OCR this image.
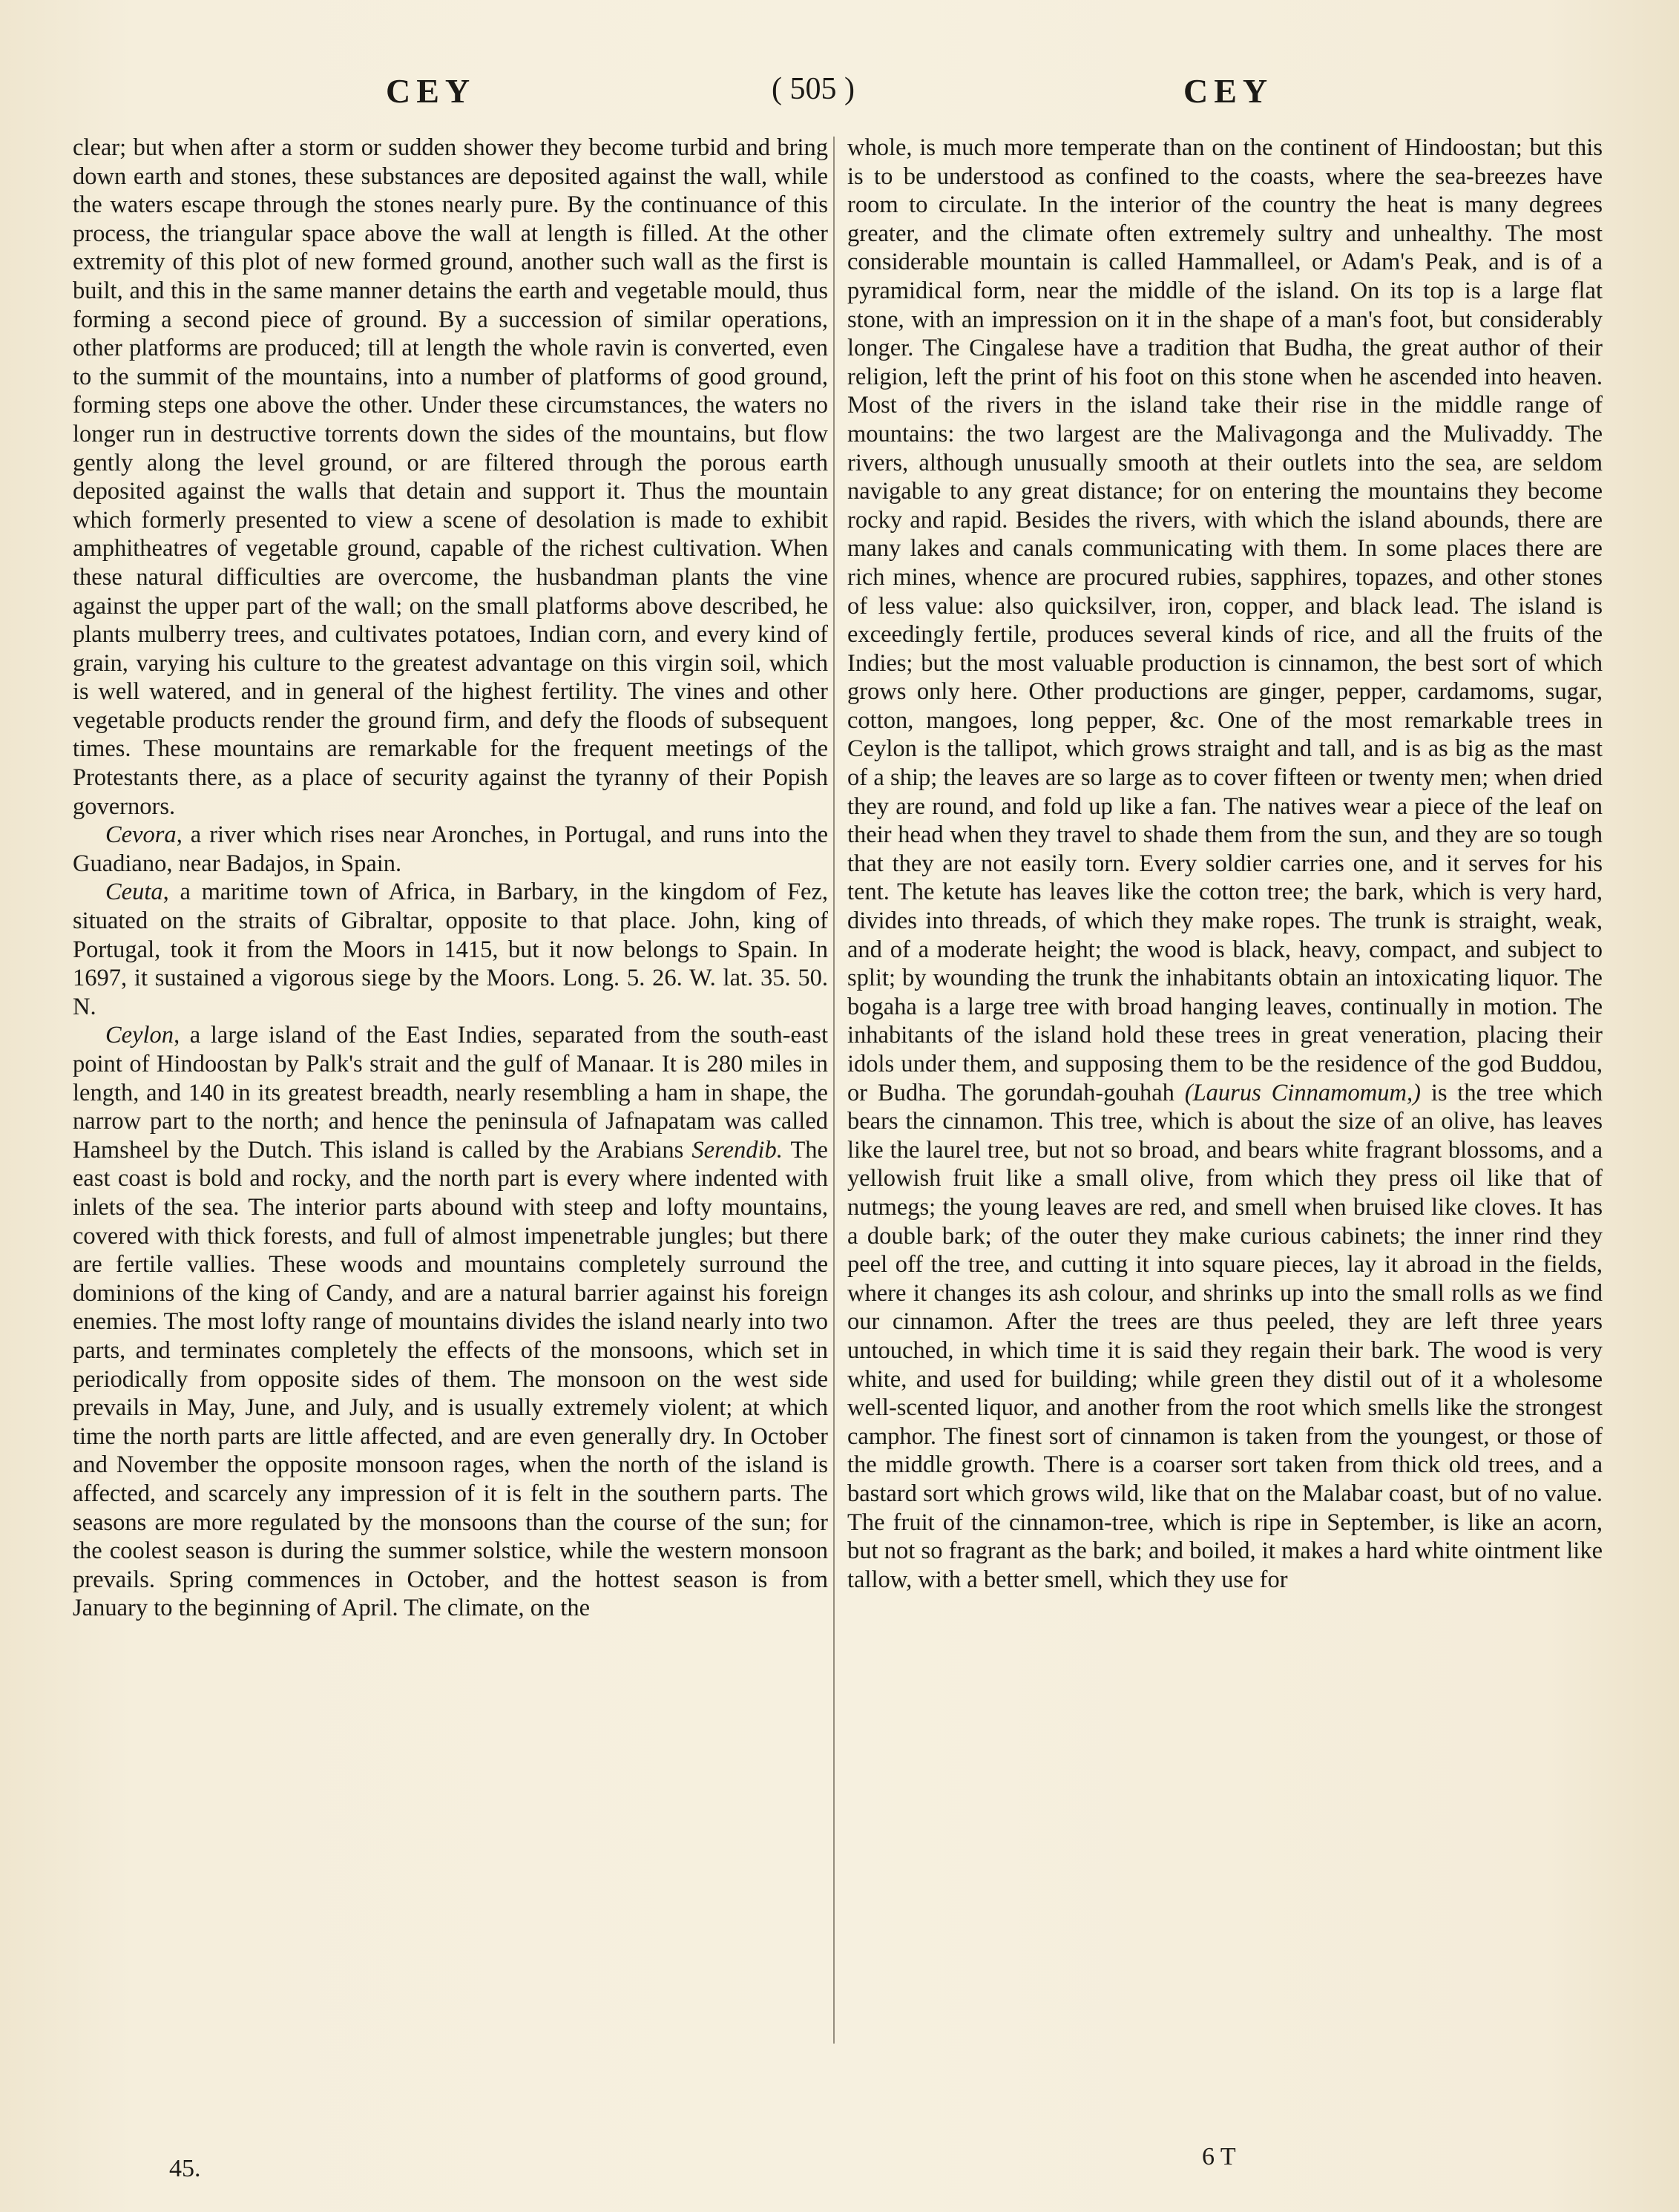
CEY	( 505 )	CEY

clear; but when after a storm or sudden shower they become turbid and bring down earth and stones, these substances are deposited against the wall, while the waters escape through the stones nearly pure. By the continuance of this process, the triangular space above the wall at length is filled. At the other extremity of this plot of new formed ground, another such wall as the first is built, and this in the same manner detains the earth and vegetable mould, thus forming a second piece of ground. By a succession of similar operations, other platforms are produced; till at length the whole ravin is converted, even to the summit of the mountains, into a number of platforms of good ground, forming steps one above the other. Under these circumstances, the waters no longer run in destructive torrents down the sides of the mountains, but flow gently along the level ground, or are filtered through the porous earth deposited against the walls that detain and support it. Thus the mountain which formerly presented to view a scene of desolation is made to exhibit amphitheatres of vegetable ground, capable of the richest cultivation. When these natural difficulties are overcome, the husbandman plants the vine against the upper part of the wall; on the small platforms above described, he plants mulberry trees, and cultivates potatoes, Indian corn, and every kind of grain, varying his culture to the greatest advantage on this virgin soil, which is well watered, and in general of the highest fertility. The vines and other vegetable products render the ground firm, and defy the floods of subsequent times. These mountains are remarkable for the frequent meetings of the Protestants there, as a place of security against the tyranny of their Popish governors.

Cevora, a river which rises near Aronches, in Portugal, and runs into the Guadiano, near Badajos, in Spain.

Ceuta, a maritime town of Africa, in Barbary, in the kingdom of Fez, situated on the straits of Gibraltar, opposite to that place. John, king of Portugal, took it from the Moors in 1415, but it now belongs to Spain. In 1697, it sustained a vigorous siege by the Moors. Long. 5. 26. W. lat. 35. 50. N.

Ceylon, a large island of the East Indies, separated from the south-east point of Hindoostan by Palk's strait and the gulf of Manaar. It is 280 miles in length, and 140 in its greatest breadth, nearly resembling a ham in shape, the narrow part to the north; and hence the peninsula of Jafnapatam was called Hamsheel by the Dutch. This island is called by the Arabians Serendib. The east coast is bold and rocky, and the north part is every where indented with inlets of the sea. The interior parts abound with steep and lofty mountains, covered with thick forests, and full of almost impenetrable jungles; but there are fertile vallies. These woods and mountains completely surround the dominions of the king of Candy, and are a natural barrier against his foreign enemies. The most lofty range of mountains divides the island nearly into two parts, and terminates completely the effects of the monsoons, which set in periodically from opposite sides of them. The monsoon on the west side prevails in May, June, and July, and is usually extremely violent; at which time the north parts are little affected, and are even generally dry. In October and November the opposite monsoon rages, when the north of the island is affected, and scarcely any impression of it is felt in the southern parts. The seasons are more regulated by the monsoons than the course of the sun; for the coolest season is during the summer solstice, while the western monsoon prevails. Spring commences in October, and the hottest season is from January to the beginning of April. The climate, on the

whole, is much more temperate than on the continent of Hindoostan; but this is to be understood as confined to the coasts, where the sea-breezes have room to circulate. In the interior of the country the heat is many degrees greater, and the climate often extremely sultry and unhealthy. The most considerable mountain is called Hammalleel, or Adam's Peak, and is of a pyramidical form, near the middle of the island. On its top is a large flat stone, with an impression on it in the shape of a man's foot, but considerably longer. The Cingalese have a tradition that Budha, the great author of their religion, left the print of his foot on this stone when he ascended into heaven. Most of the rivers in the island take their rise in the middle range of mountains: the two largest are the Malivagonga and the Mulivaddy. The rivers, although unusually smooth at their outlets into the sea, are seldom navigable to any great distance; for on entering the mountains they become rocky and rapid. Besides the rivers, with which the island abounds, there are many lakes and canals communicating with them. In some places there are rich mines, whence are procured rubies, sapphires, topazes, and other stones of less value: also quicksilver, iron, copper, and black lead. The island is exceedingly fertile, produces several kinds of rice, and all the fruits of the Indies; but the most valuable production is cinnamon, the best sort of which grows only here. Other productions are ginger, pepper, cardamoms, sugar, cotton, mangoes, long pepper, &c. One of the most remarkable trees in Ceylon is the tallipot, which grows straight and tall, and is as big as the mast of a ship; the leaves are so large as to cover fifteen or twenty men; when dried they are round, and fold up like a fan. The natives wear a piece of the leaf on their head when they travel to shade them from the sun, and they are so tough that they are not easily torn. Every soldier carries one, and it serves for his tent. The ketute has leaves like the cotton tree; the bark, which is very hard, divides into threads, of which they make ropes. The trunk is straight, weak, and of a moderate height; the wood is black, heavy, compact, and subject to split; by wounding the trunk the inhabitants obtain an intoxicating liquor. The bogaha is a large tree with broad hanging leaves, continually in motion. The inhabitants of the island hold these trees in great veneration, placing their idols under them, and supposing them to be the residence of the god Buddou, or Budha. The gorundah-gouhah (Laurus Cinnamomum,) is the tree which bears the cinnamon. This tree, which is about the size of an olive, has leaves like the laurel tree, but not so broad, and bears white fragrant blossoms, and a yellowish fruit like a small olive, from which they press oil like that of nutmegs; the young leaves are red, and smell when bruised like cloves. It has a double bark; of the outer they make curious cabinets; the inner rind they peel off the tree, and cutting it into square pieces, lay it abroad in the fields, where it changes its ash colour, and shrinks up into the small rolls as we find our cinnamon. After the trees are thus peeled, they are left three years untouched, in which time it is said they regain their bark. The wood is very white, and used for building; while green they distil out of it a wholesome well-scented liquor, and another from the root which smells like the strongest camphor. The finest sort of cinnamon is taken from the youngest, or those of the middle growth. There is a coarser sort taken from thick old trees, and a bastard sort which grows wild, like that on the Malabar coast, but of no value. The fruit of the cinnamon-tree, which is ripe in September, is like an acorn, but not so fragrant as the bark; and boiled, it makes a hard white ointment like tallow, with a better smell, which they use for

45.	6 T
